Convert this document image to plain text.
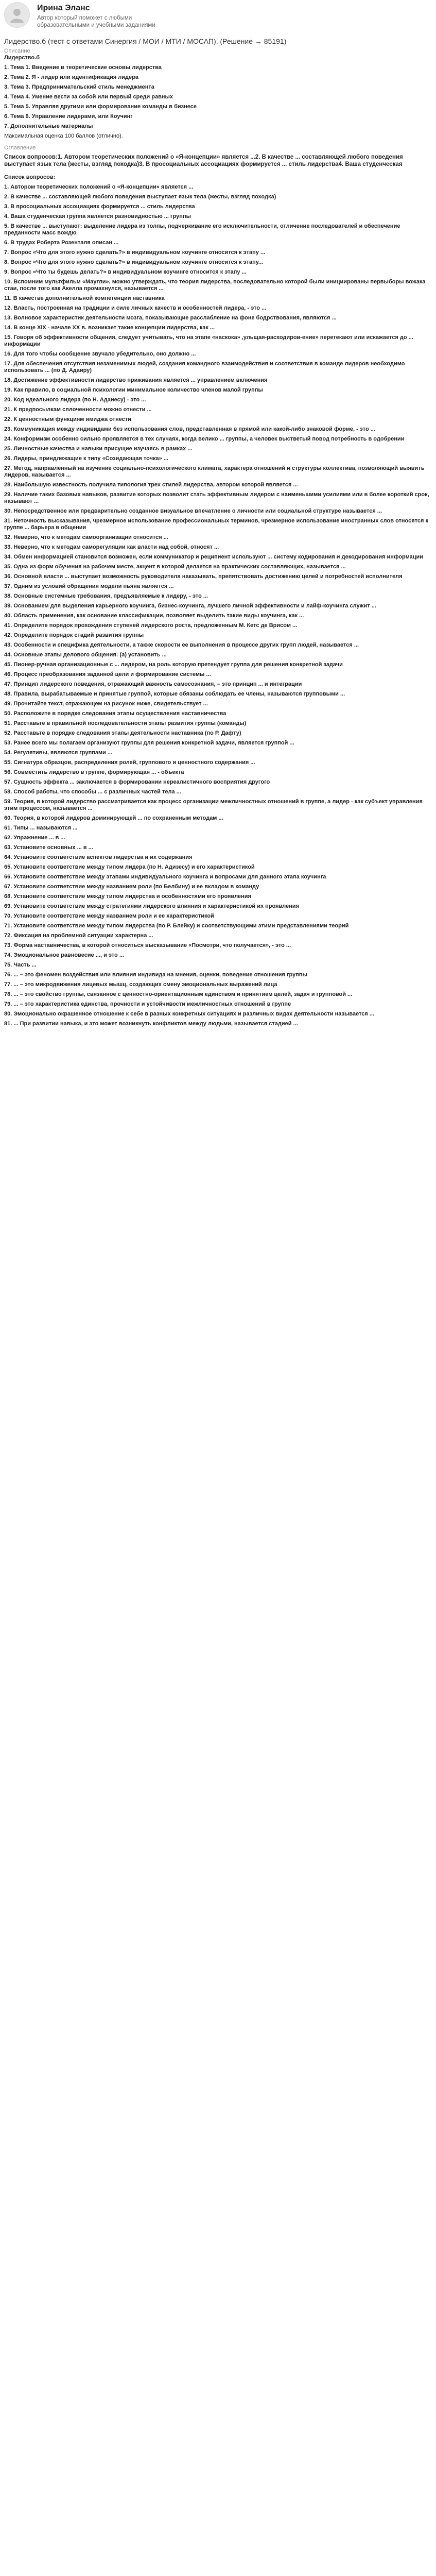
Ирина Эланс
Автор который поможет с любыми образовательными и учебными заданиями
Лидерство.б (тест с ответами Синергия / МОИ / МТИ / МОСАП). (Решение → 85191)
Описание
Лидерство.б
1. Тема 1. Введение в теоретические основы лидерства
2. Тема 2. Я - лидер или идентификация лидера
3. Тема 3. Предпринимательский стиль менеджмента
4. Тема 4. Умение вести за собой или первый среди равных
5. Тема 5. Управляя другими или формирование команды в бизнесе
6. Тема 6. Управление лидерами, или Коучинг
7. Дополнительные материалы
Максимальная оценка 100 баллов (отлично).
Оглавление
Список вопросов:1. Автором теоретических положений о «Я-концепции» является ...2. В качестве ... составляющей любого поведения выступает язык тела (жесты, взгляд походка)3. В просоциальных ассоциациях формируется ... стиль лидерства4. Ваша студенческая
Список вопросов:
1. Автором теоретических положений о «Я-концепции» является ...
2. В качестве ... составляющей любого поведения выступает язык тела (жесты, взгляд походка)
3. В просоциальных ассоциациях формируется ... стиль лидерства
4. Ваша студенческая группа является разновидностью ... группы
5. В качестве ... выступают: выделение лидера из толпы, подчеркивание его исключительности, отличение последователей и обеспечение преданности масс вождю
6. В трудах Роберта Розенталя описан ...
7. Вопрос «Что для этого нужно сделать?» в индивидуальном коучинге относится к этапу ...
8. Вопрос «Что для этого нужно сделать?» в индивидуальном коучинге относится к этапу...
9. Вопрос «Что ты будешь делать?» в индивидуальном коучинге относится к этапу ...
10. Вспомним мультфильм «Маугли», можно утверждать, что теория лидерства, последовательно которой были инициированы первыборы вожака стаи, после того как Акелла промахнулся, называется ...
11. В качестве дополнительной компетенции наставника
12. Власть, построенная на традиции и силе личных качеств и особенностей лидера, - это ...
13. Волновое характеристик деятельности мозга, показывающие расслабление на фоне бодрствования, являются ...
14. В конце XIX - начале XX в. возникает такие концепции лидерства, как ...
15. Говоря об эффективности общения, следует учитывать, что на этапе «наскока» ,ульщая-расходиров-ение» перетекают или искажается до ... информации
16. Для того чтобы сообщение звучало убедительно, оно должно ...
17. Для обеспечения отсутствия незаменимых людей, создания командного взаимодействия и соответствия в команде лидеров необходимо использовать ... (по Д. Адаиру)
18. Достижение эффективности лидерство приживания является ... управлением включения
19. Как правило, в социальной психологии минимальное количество членов малой группы
20. Код идеального лидера (по Н. Адаиесу) - это ...
21. К предпосылкам сплоченности можно отнести ...
22. К ценностным функциям имиджа отнести
23. Коммуникация между индивидами без использования слов, представленная в прямой или какой-либо знаковой форме, - это ...
24. Конформизм особенно сильно проявляется в тех случаях, когда велико ... группы, а человек выстветый повод потребность в одобрении
25. Личностные качества и навыки присущие изучаясь в рамках ...
26. Лидеры, приндлежащие к типу «Созидающая точка» ...
27. Метод, направленный на изучение социально-психологического климата, характера отношений и структуры коллектива, позволяющий выявить лидеров, называется ...
28. Наибольшую известность получила типология трех стилей лидерства, автором которой является ...
29. Наличие таких базовых навыков, развитие которых позволит стать эффективным лидером с наименьшими усилиями или в более короткий срок, называют ...
30. Непосредственное или предварительно созданное визуальное впечатление о личности или социальной структуре называется ...
31. Неточность высказывания, чрезмерное использование профессиональных терминов, чрезмерное использование иностранных слов относятся к группе ... барьера в общении
32. Неверно, что к методам самоорганизации относится ...
33. Неверно, что к методам саморегуляции как власти над собой, относят ...
34. Обмен информацией становится возможен, если коммуникатор и реципиент используют ... систему кодирования и декодирования информации
35. Одна из форм обучения на рабочем месте, акцент в которой делается на практических составляющих, называется ...
36. Основной власти ... выступает возможность руководителя наказывать, препятствовать достижению целей и потребностей исполнителя
37. Одним из условий обращения модели пьяна является ...
38. Основные системные требования, предъявляемые к лидеру, - это ...
39. Основанием для выделения карьерного коучинга, бизнес-коучинга, лучшего личной эффективности и лайф-коучинга служит ...
40. Область применения, как основание классификации, позволяет выделить такие виды коучинга, как ...
41. Определите порядок прохождения ступеней лидерского роста, предложенным М. Кетс де Врисом ...
42. Определите порядок стадий развития группы
43. Особенности и специфика деятельности, а также скорости ее выполнения в процессе других групп людей, называется ...
44. Основные этапы делового общения: (а) установить ...
45. Пионер-ручная организационные с ... лидером, на роль которую претендует группа для решения конкретной задачи
46. Процесс преобразования заданной цели и формирование системы ...
47. Принцип лидерского поведения, отражающий важность самосознания, – это принцип ... и интеграции
48. Правила, вырабатываемые и принятые группой, которые обязаны соблюдать ее члены, называются групповыми ...
49. Прочитайте текст, отражающем на рисунок ниже, свидетельствует ...
50. Расположите в порядке следования этапы осуществления наставничества
51. Расставьте в правильной последовательности этапы развития группы (команды)
52. Расставьте в порядке следования этапы деятельности наставника (по Р. Дафту)
53. Ранее всего мы полагаем организуют группы для решения конкретной задачи, является группой ...
54. Регулятивы, являются группами ...
55. Сигнатура образцов, распределения ролей, группового и ценностного содержания ...
56. Совместить лидерство в группе, формирующая ... - объекта
57. Сущность эффекта ... заключается в формировании нереалистичного восприятия другого
58. Способ работы, что способы ... с различных частей тела ...
59. Теория, в которой лидерство рассматривается как процесс организации межличностных отношений в группе, а лидер - как субъект управления этим процессом, называется ...
60. Теория, в которой лидеров доминирующей ... по сохраненным методам ...
61. Типы ... называются ...
62. Упражнение ... в ...
63. Установите основных ... в ...
64. Установите соответствие аспектов лидерства и их содержания
65. Установите соответствие между типом лидера (по Н. Адизесу) и его характеристикой
66. Установите соответствие между этапами индивидуального коучинга и вопросами для данного этапа коучинга
67. Установите соответствие между названием роли (по Белбину) и ее вкладом в команду
68. Установите соответствие между типом лидерства и особенностями его проявления
69. Установите соответствие между стратегиями лидерского влияния и характеристикой их проявления
70. Установите соответствие между названием роли и ее характеристикой
71. Установите соответствие между типом лидерства (по Р. Блейку) и соответствующими этими представлениями теорий
72. Фиксация на проблемной ситуации характерна ...
73. Форма наставничества, в которой относиться высказывание «Посмотри, что получается», - это ...
74. Эмоциональное равновесие ..., и это ...
75. Часть ...
76. ... – это феномен воздействия или влияния индивида на мнения, оценки, поведение отношения группы
77. ... – это микродвижения лицевых мышц, создающих смену эмоциональных выражений лица
78. ... – это свойство группы, связанное с ценностно-ориентационным единством и принятием целей, задач и групповой ...
79. ... – это характеристика единства, прочности и устойчивости межличностных отношений в группе
80. Эмоционально окрашенное отношение к себе в разных конкретных ситуациях и различных видах деятельности называется ...
81. ... При развитии навыка, и это может возникнуть конфликтов между людьми, называется стадией ...
